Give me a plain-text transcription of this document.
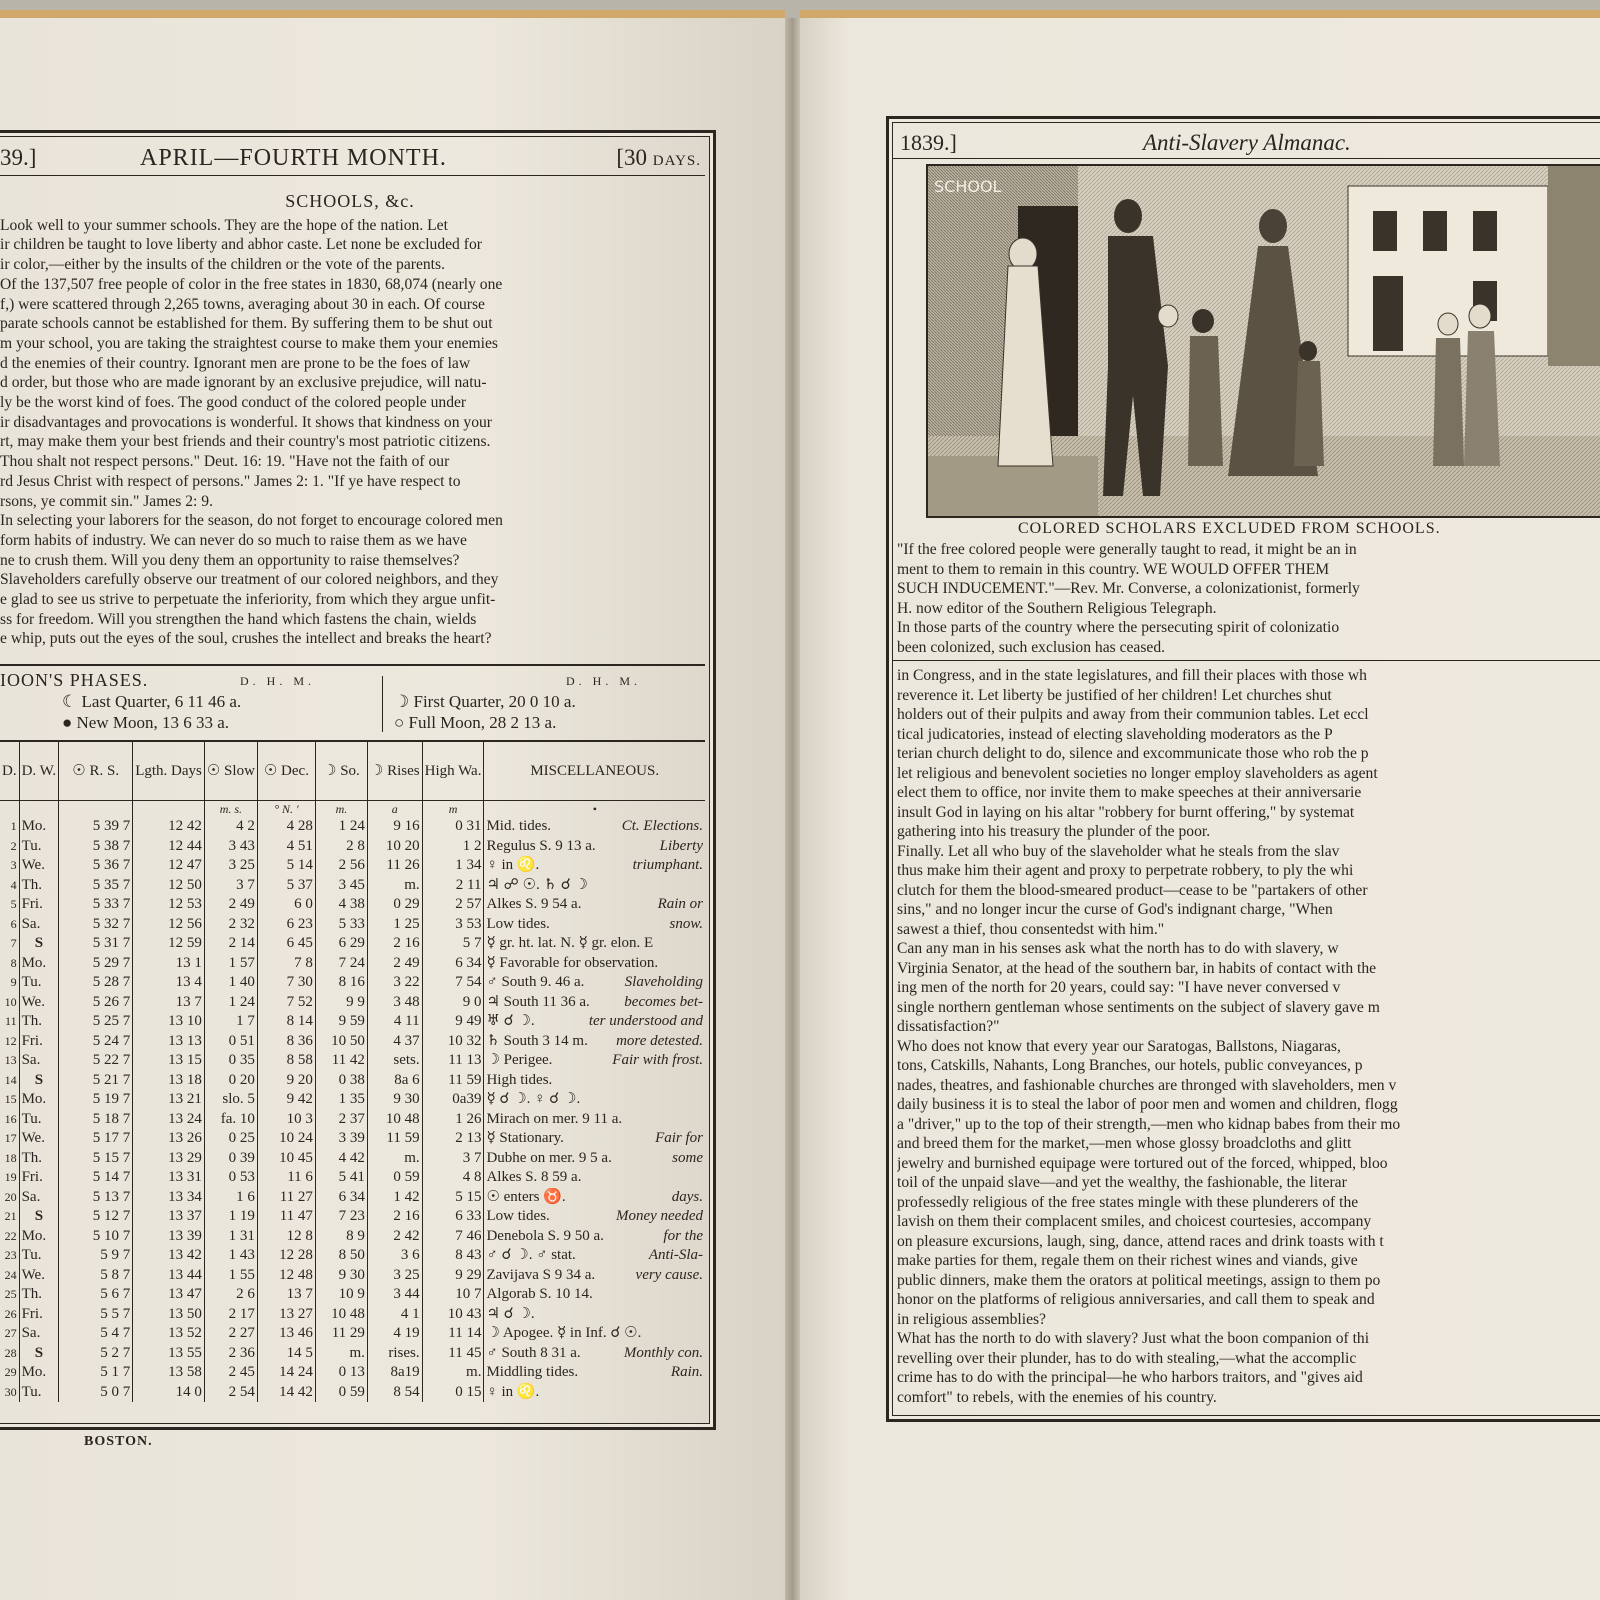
39.]	APRIL—FOURTH MONTH.	[30 DAYS.
SCHOOLS, &c.

Look well to your summer schools. They are the hope of the nation. Let

ir children be taught to love liberty and abhor caste. Let none be excluded for

ir color,—either by the insults of the children or the vote of the parents.

Of the 137,507 free people of color in the free states in 1830, 68,074 (nearly one

f,) were scattered through 2,265 towns, averaging about 30 in each. Of course

parate schools cannot be established for them. By suffering them to be shut out

m your school, you are taking the straightest course to make them your enemies

d the enemies of their country. Ignorant men are prone to be the foes of law

d order, but those who are made ignorant by an exclusive prejudice, will natu-

ly be the worst kind of foes. The good conduct of the colored people under

ir disadvantages and provocations is wonderful. It shows that kindness on your

rt, may make them your best friends and their country's most patriotic citizens.

Thou shalt not respect persons." Deut. 16: 19. "Have not the faith of our

rd Jesus Christ with respect of persons." James 2: 1. "If ye have respect to

rsons, ye commit sin." James 2: 9.

In selecting your laborers for the season, do not forget to encourage colored men

form habits of industry. We can never do so much to raise them as we have

ne to crush them. Will you deny them an opportunity to raise themselves?

Slaveholders carefully observe our treatment of our colored neighbors, and they

e glad to see us strive to perpetuate the inferiority, from which they argue unfit-

ss for freedom. Will you strengthen the hand which fastens the chain, wields

e whip, puts out the eyes of the soul, crushes the intellect and breaks the heart?

IOON'S PHASES.	D. H. M.	D. H. M.
☾ Last Quarter, 6 11 46 a.
● New Moon, 13 6 33 a.
☽ First Quarter, 20 0 10 a.
○ Full Moon, 28 2 13 a.
D.	D. W.	☉ R. S.	Lgth. Days	☉ Slow	☉ Dec.	☽ So.	☽ Rises	High Wa.	MISCELLANEOUS.
				m. s.	° N. ′	m.	a	m	•
1	Mo.	5 39 7	12 42	4 2	4 28	1 24	9 16	0 31	Ct. Elections.
Mid. tides.
2	Tu.	5 38 7	12 44	3 43	4 51	2 8	10 20	1 2	Liberty
Regulus S. 9 13 a.
3	We.	5 36 7	12 47	3 25	5 14	2 56	11 26	1 34	triumphant.
♀ in ♌.
4	Th.	5 35 7	12 50	3 7	5 37	3 45	m.	2 11	♃ ☍ ☉. ♄ ☌ ☽
5	Fri.	5 33 7	12 53	2 49	6 0	4 38	0 29	2 57	Rain or
Alkes S. 9 54 a.
6	Sa.	5 32 7	12 56	2 32	6 23	5 33	1 25	3 53	snow.
Low tides.
7	S	5 31 7	12 59	2 14	6 45	6 29	2 16	5 7	☿ gr. ht. lat. N. ☿ gr. elon. E
8	Mo.	5 29 7	13 1	1 57	7 8	7 24	2 49	6 34	☿ Favorable for observation.
9	Tu.	5 28 7	13 4	1 40	7 30	8 16	3 22	7 54	Slaveholding
♂ South 9. 46 a.
10	We.	5 26 7	13 7	1 24	7 52	9 9	3 48	9 0	becomes bet-
♃ South 11 36 a.
11	Th.	5 25 7	13 10	1 7	8 14	9 59	4 11	9 49	ter understood and
♅ ☌ ☽.
12	Fri.	5 24 7	13 13	0 51	8 36	10 50	4 37	10 32	more detested.
♄ South 3 14 m.
13	Sa.	5 22 7	13 15	0 35	8 58	11 42	sets.	11 13	Fair with frost.
☽ Perigee.
14	S	5 21 7	13 18	0 20	9 20	0 38	8a 6	11 59	High tides.
15	Mo.	5 19 7	13 21	slo. 5	9 42	1 35	9 30	0a39	☿ ☌ ☽. ♀ ☌ ☽.
16	Tu.	5 18 7	13 24	fa. 10	10 3	2 37	10 48	1 26	Mirach on mer. 9 11 a.
17	We.	5 17 7	13 26	0 25	10 24	3 39	11 59	2 13	Fair for
☿ Stationary.
18	Th.	5 15 7	13 29	0 39	10 45	4 42	m.	3 7	some
Dubhe on mer. 9 5 a.
19	Fri.	5 14 7	13 31	0 53	11 6	5 41	0 59	4 8	Alkes S. 8 59 a.
20	Sa.	5 13 7	13 34	1 6	11 27	6 34	1 42	5 15	days.
☉ enters ♉.
21	S	5 12 7	13 37	1 19	11 47	7 23	2 16	6 33	Money needed
Low tides.
22	Mo.	5 10 7	13 39	1 31	12 8	8 9	2 42	7 46	for the
Denebola S. 9 50 a.
23	Tu.	5 9 7	13 42	1 43	12 28	8 50	3 6	8 43	Anti-Sla-
♂ ☌ ☽. ♂ stat.
24	We.	5 8 7	13 44	1 55	12 48	9 30	3 25	9 29	very cause.
Zavijava S 9 34 a.
25	Th.	5 6 7	13 47	2 6	13 7	10 9	3 44	10 7	Algorab S. 10 14.
26	Fri.	5 5 7	13 50	2 17	13 27	10 48	4 1	10 43	♃ ☌ ☽.
27	Sa.	5 4 7	13 52	2 27	13 46	11 29	4 19	11 14	☽ Apogee. ☿ in Inf. ☌ ☉.
28	S	5 2 7	13 55	2 36	14 5	m.	rises.	11 45	Monthly con.
♂ South 8 31 a.
29	Mo.	5 1 7	13 58	2 45	14 24	0 13	8a19	m.	Rain.
Middling tides.
30	Tu.	5 0 7	14 0	2 54	14 42	0 59	8 54	0 15	♀ in ♌.
BOSTON.
1839.]	Anti-Slavery Almanac.
SCHOOL
COLORED SCHOLARS EXCLUDED FROM SCHOOLS.

"If the free colored people were generally taught to read, it might be an in

ment to them to remain in this country. WE WOULD OFFER THEM

SUCH INDUCEMENT."—Rev. Mr. Converse, a colonizationist, formerly

H. now editor of the Southern Religious Telegraph.

In those parts of the country where the persecuting spirit of colonizatio

been colonized, such exclusion has ceased.

in Congress, and in the state legislatures, and fill their places with those wh

reverence it. Let liberty be justified of her children! Let churches shut

holders out of their pulpits and away from their communion tables. Let eccl

tical judicatories, instead of electing slaveholding moderators as the P

terian church delight to do, silence and excommunicate those who rob the p

let religious and benevolent societies no longer employ slaveholders as agent

elect them to office, nor invite them to make speeches at their anniversarie

insult God in laying on his altar "robbery for burnt offering," by systemat

gathering into his treasury the plunder of the poor.

Finally. Let all who buy of the slaveholder what he steals from the slav

thus make him their agent and proxy to perpetrate robbery, to ply the whi

clutch for them the blood-smeared product—cease to be "partakers of other

sins," and no longer incur the curse of God's indignant charge, "When

sawest a thief, thou consentedst with him."

Can any man in his senses ask what the north has to do with slavery, w

Virginia Senator, at the head of the southern bar, in habits of contact with the

ing men of the north for 20 years, could say: "I have never conversed v

single northern gentleman whose sentiments on the subject of slavery gave m

dissatisfaction?"

Who does not know that every year our Saratogas, Ballstons, Niagaras,

tons, Catskills, Nahants, Long Branches, our hotels, public conveyances, p

nades, theatres, and fashionable churches are thronged with slaveholders, men v

daily business it is to steal the labor of poor men and women and children, flogg

a "driver," up to the top of their strength,—men who kidnap babes from their mo

and breed them for the market,—men whose glossy broadcloths and glitt

jewelry and burnished equipage were tortured out of the forced, whipped, bloo

toil of the unpaid slave—and yet the wealthy, the fashionable, the literar

professedly religious of the free states mingle with these plunderers of the

lavish on them their complacent smiles, and choicest courtesies, accompany

on pleasure excursions, laugh, sing, dance, attend races and drink toasts with t

make parties for them, regale them on their richest wines and viands, give

public dinners, make them the orators at political meetings, assign to them po

honor on the platforms of religious anniversaries, and call them to speak and

in religious assemblies?

What has the north to do with slavery? Just what the boon companion of thi

revelling over their plunder, has to do with stealing,—what the accomplic

crime has to do with the principal—he who harbors traitors, and "gives aid

comfort" to rebels, with the enemies of his country.
